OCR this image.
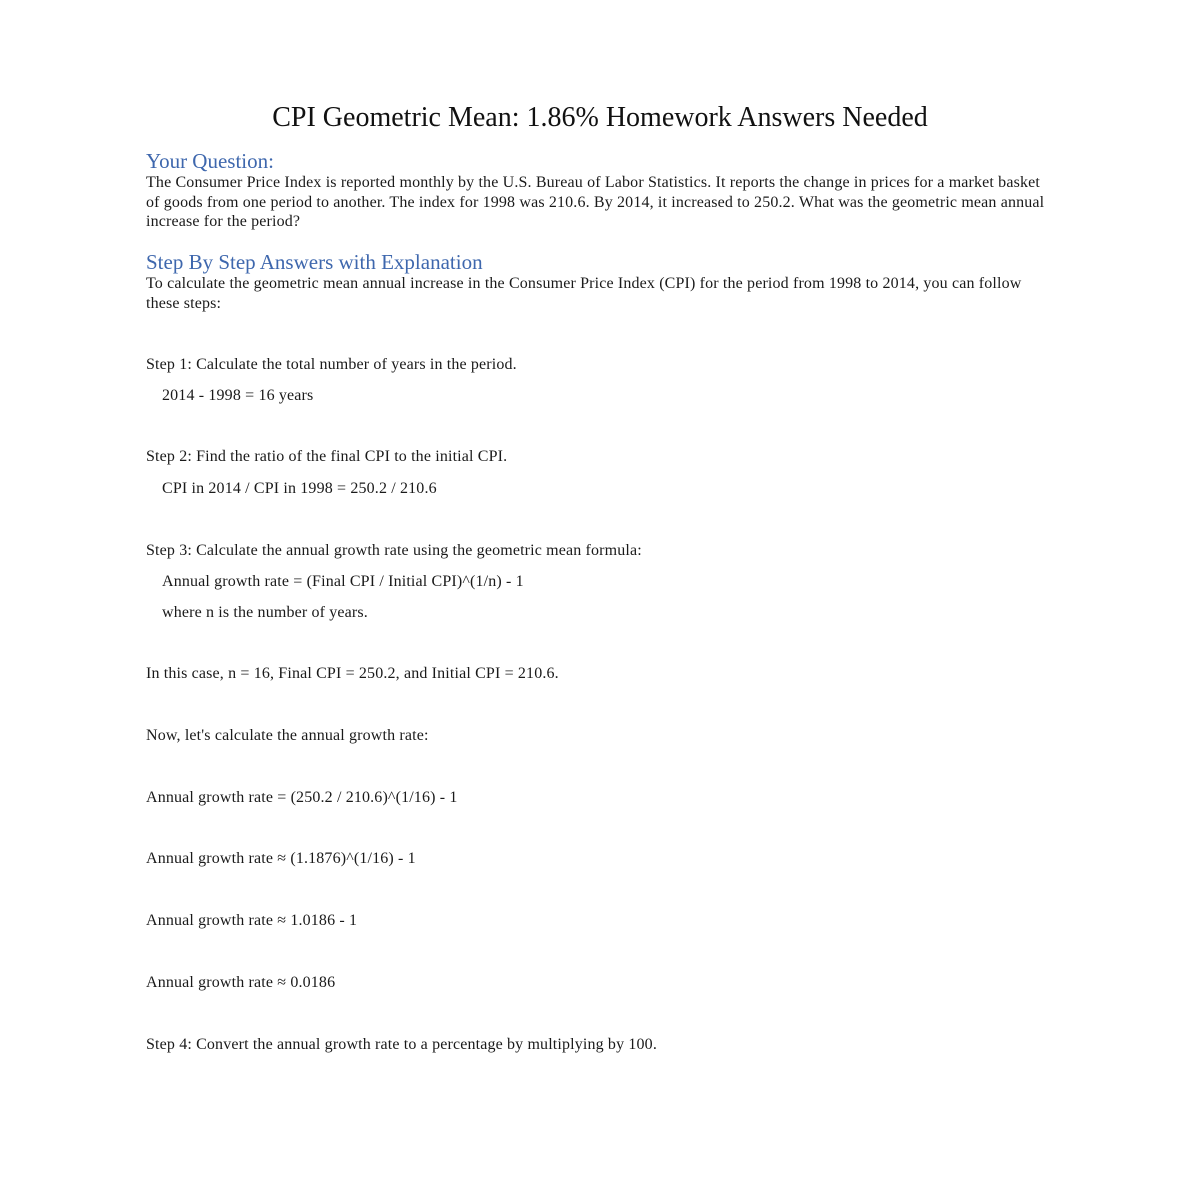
CPI Geometric Mean: 1.86% Homework Answers Needed
Your Question:

The Consumer Price Index is reported monthly by the U.S. Bureau of Labor Statistics. It reports the change in prices for a market basket of goods from one period to another. The index for 1998 was 210.6. By 2014, it increased to 250.2. What was the geometric mean annual increase for the period?

Step By Step Answers with Explanation

To calculate the geometric mean annual increase in the Consumer Price Index (CPI) for the period from 1998 to 2014, you can follow these steps:

Step 1: Calculate the total number of years in the period.

2014 - 1998 = 16 years

Step 2: Find the ratio of the final CPI to the initial CPI.

CPI in 2014 / CPI in 1998 = 250.2 / 210.6

Step 3: Calculate the annual growth rate using the geometric mean formula:

Annual growth rate = (Final CPI / Initial CPI)^(1/n) - 1

where n is the number of years.

In this case, n = 16, Final CPI = 250.2, and Initial CPI = 210.6.

Now, let's calculate the annual growth rate:

Annual growth rate = (250.2 / 210.6)^(1/16) - 1

Annual growth rate ≈ (1.1876)^(1/16) - 1

Annual growth rate ≈ 1.0186 - 1

Annual growth rate ≈ 0.0186

Step 4: Convert the annual growth rate to a percentage by multiplying by 100.
